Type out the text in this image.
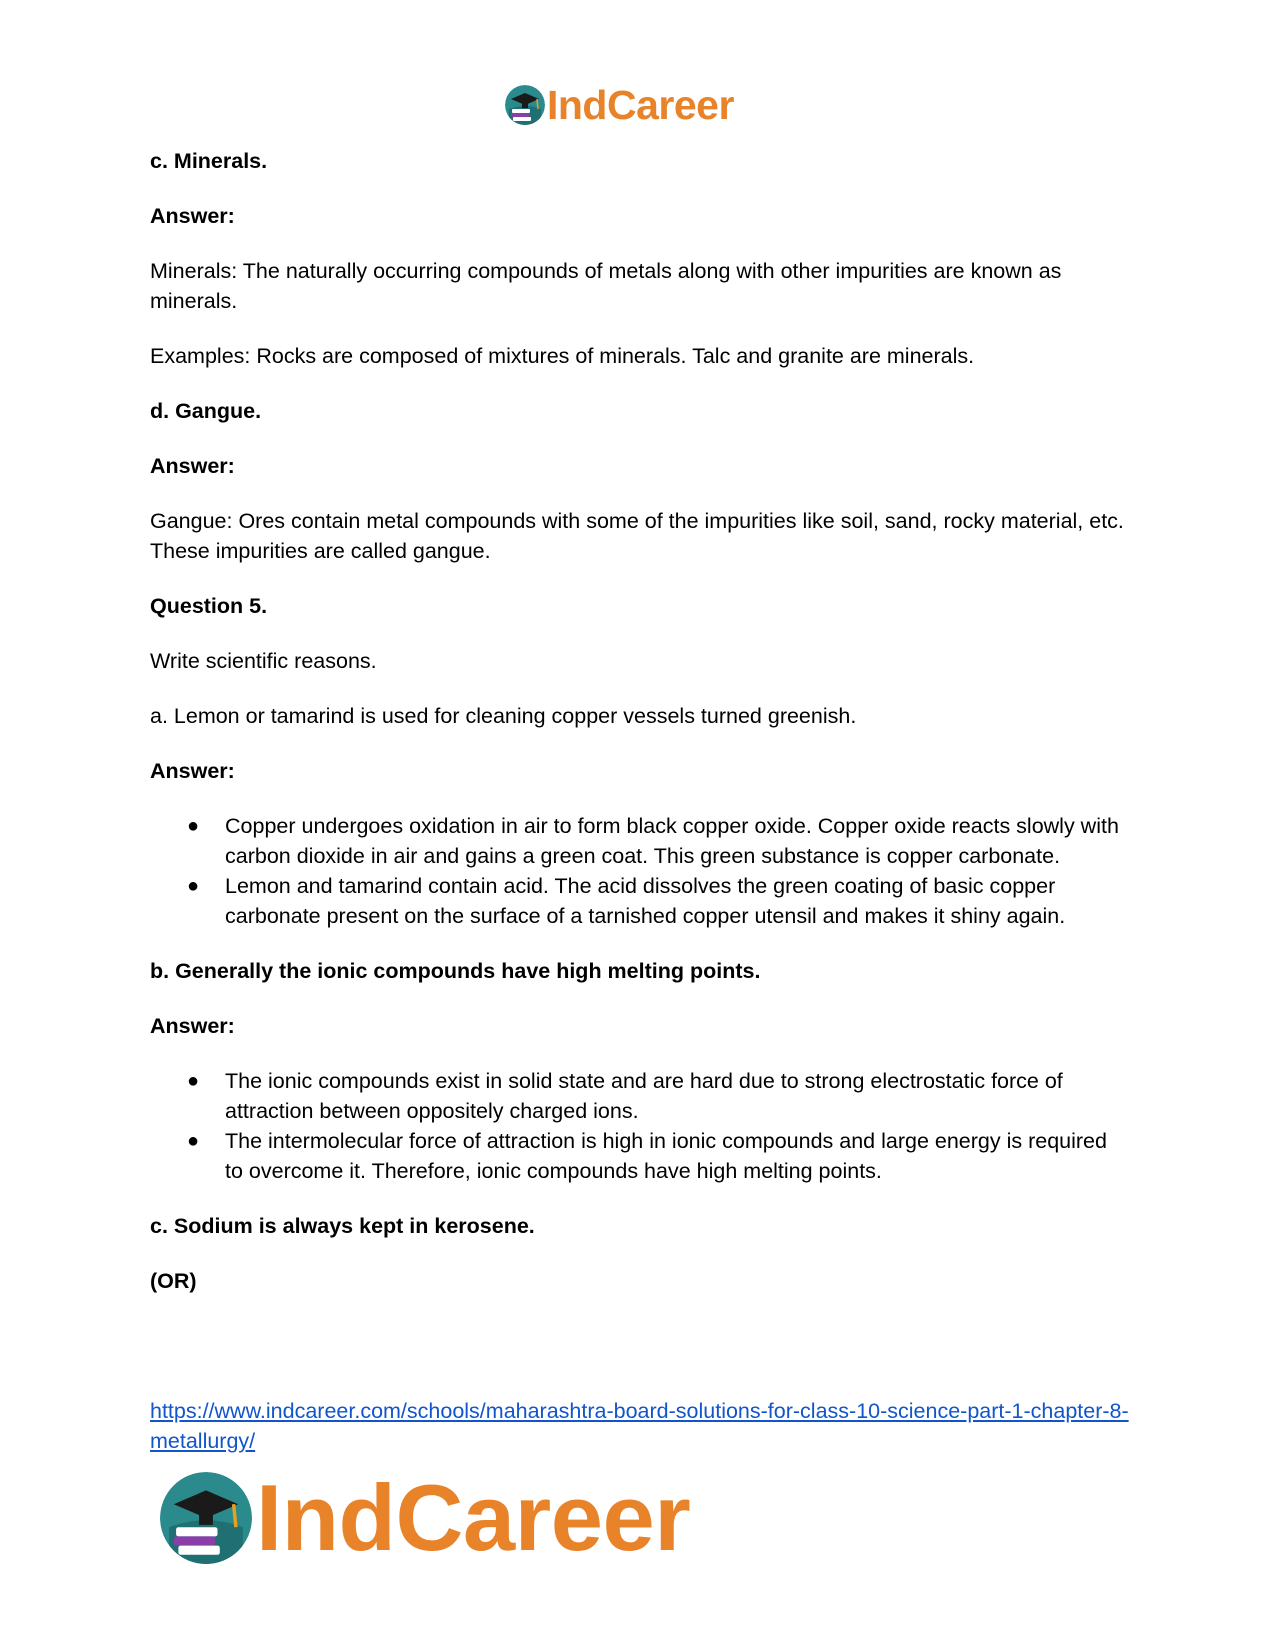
IndCareer

c. Minerals.

Answer:

Minerals: The naturally occurring compounds of metals along with other impurities are known as minerals.

Examples: Rocks are composed of mixtures of minerals. Talc and granite are minerals.

d. Gangue.

Answer:

Gangue: Ores contain metal compounds with some of the impurities like soil, sand, rocky material, etc. These impurities are called gangue.

Question 5.

Write scientific reasons.

a. Lemon or tamarind is used for cleaning copper vessels turned greenish.

Answer:

● Copper undergoes oxidation in air to form black copper oxide. Copper oxide reacts slowly with carbon dioxide in air and gains a green coat. This green substance is copper carbonate.
● Lemon and tamarind contain acid. The acid dissolves the green coating of basic copper carbonate present on the surface of a tarnished copper utensil and makes it shiny again.

b. Generally the ionic compounds have high melting points.

Answer:

● The ionic compounds exist in solid state and are hard due to strong electrostatic force of attraction between oppositely charged ions.
● The intermolecular force of attraction is high in ionic compounds and large energy is required to overcome it. Therefore, ionic compounds have high melting points.

c. Sodium is always kept in kerosene.

(OR)

https://www.indcareer.com/schools/maharashtra-board-solutions-for-class-10-science-part-1-chapter-8-metallurgy/
IndCareer
